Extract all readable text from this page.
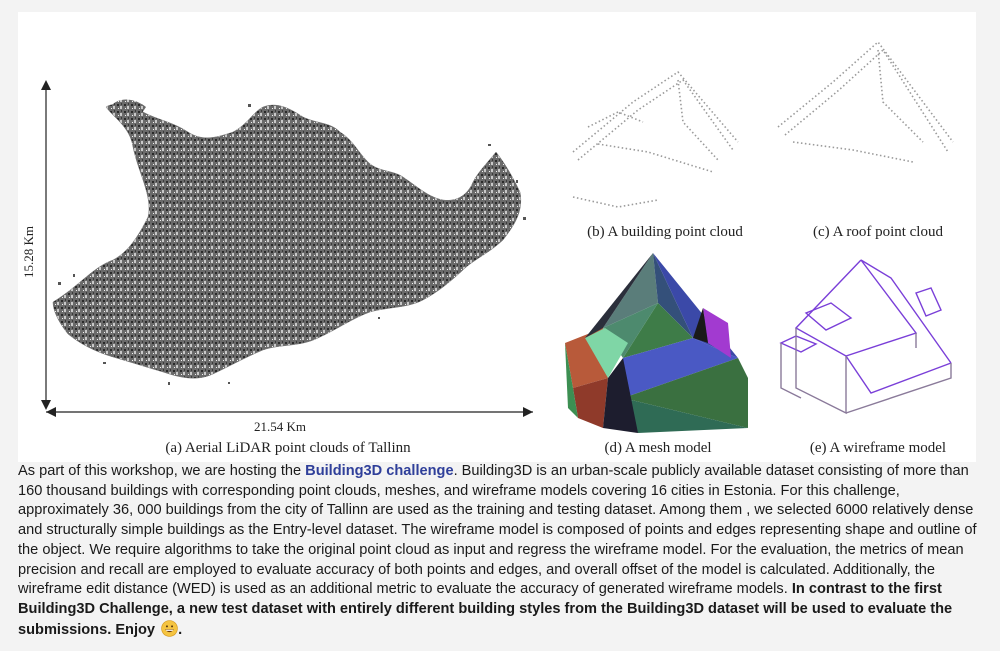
15.28 Km
21.54 Km
(a) Aerial LiDAR point clouds of Tallinn
(b) A building point cloud	(c) A roof point cloud
(d) A mesh model	(e) A wireframe model
As part of this workshop, we are hosting the Building3D challenge. Building3D is an urban-scale publicly available dataset consisting of more than 160 thousand buildings with corresponding point clouds, meshes, and wireframe models covering 16 cities in Estonia. For this challenge, approximately 36, 000 buildings from the city of Tallinn are used as the training and testing dataset. Among them , we selected 6000 relatively dense and structurally simple buildings as the Entry-level dataset. The wireframe model is composed of points and edges representing shape and outline of the object. We require algorithms to take the original point cloud as input and regress the wireframe model. For the evaluation, the metrics of mean precision and recall are employed to evaluate accuracy of both points and edges, and overall offset of the model is calculated. Additionally, the wireframe edit distance (WED) is used as an additional metric to evaluate the accuracy of generated wireframe models. In contrast to the first Building3D Challenge, a new test dataset with entirely different building styles from the Building3D dataset will be used to evaluate the submissions. Enjoy .
